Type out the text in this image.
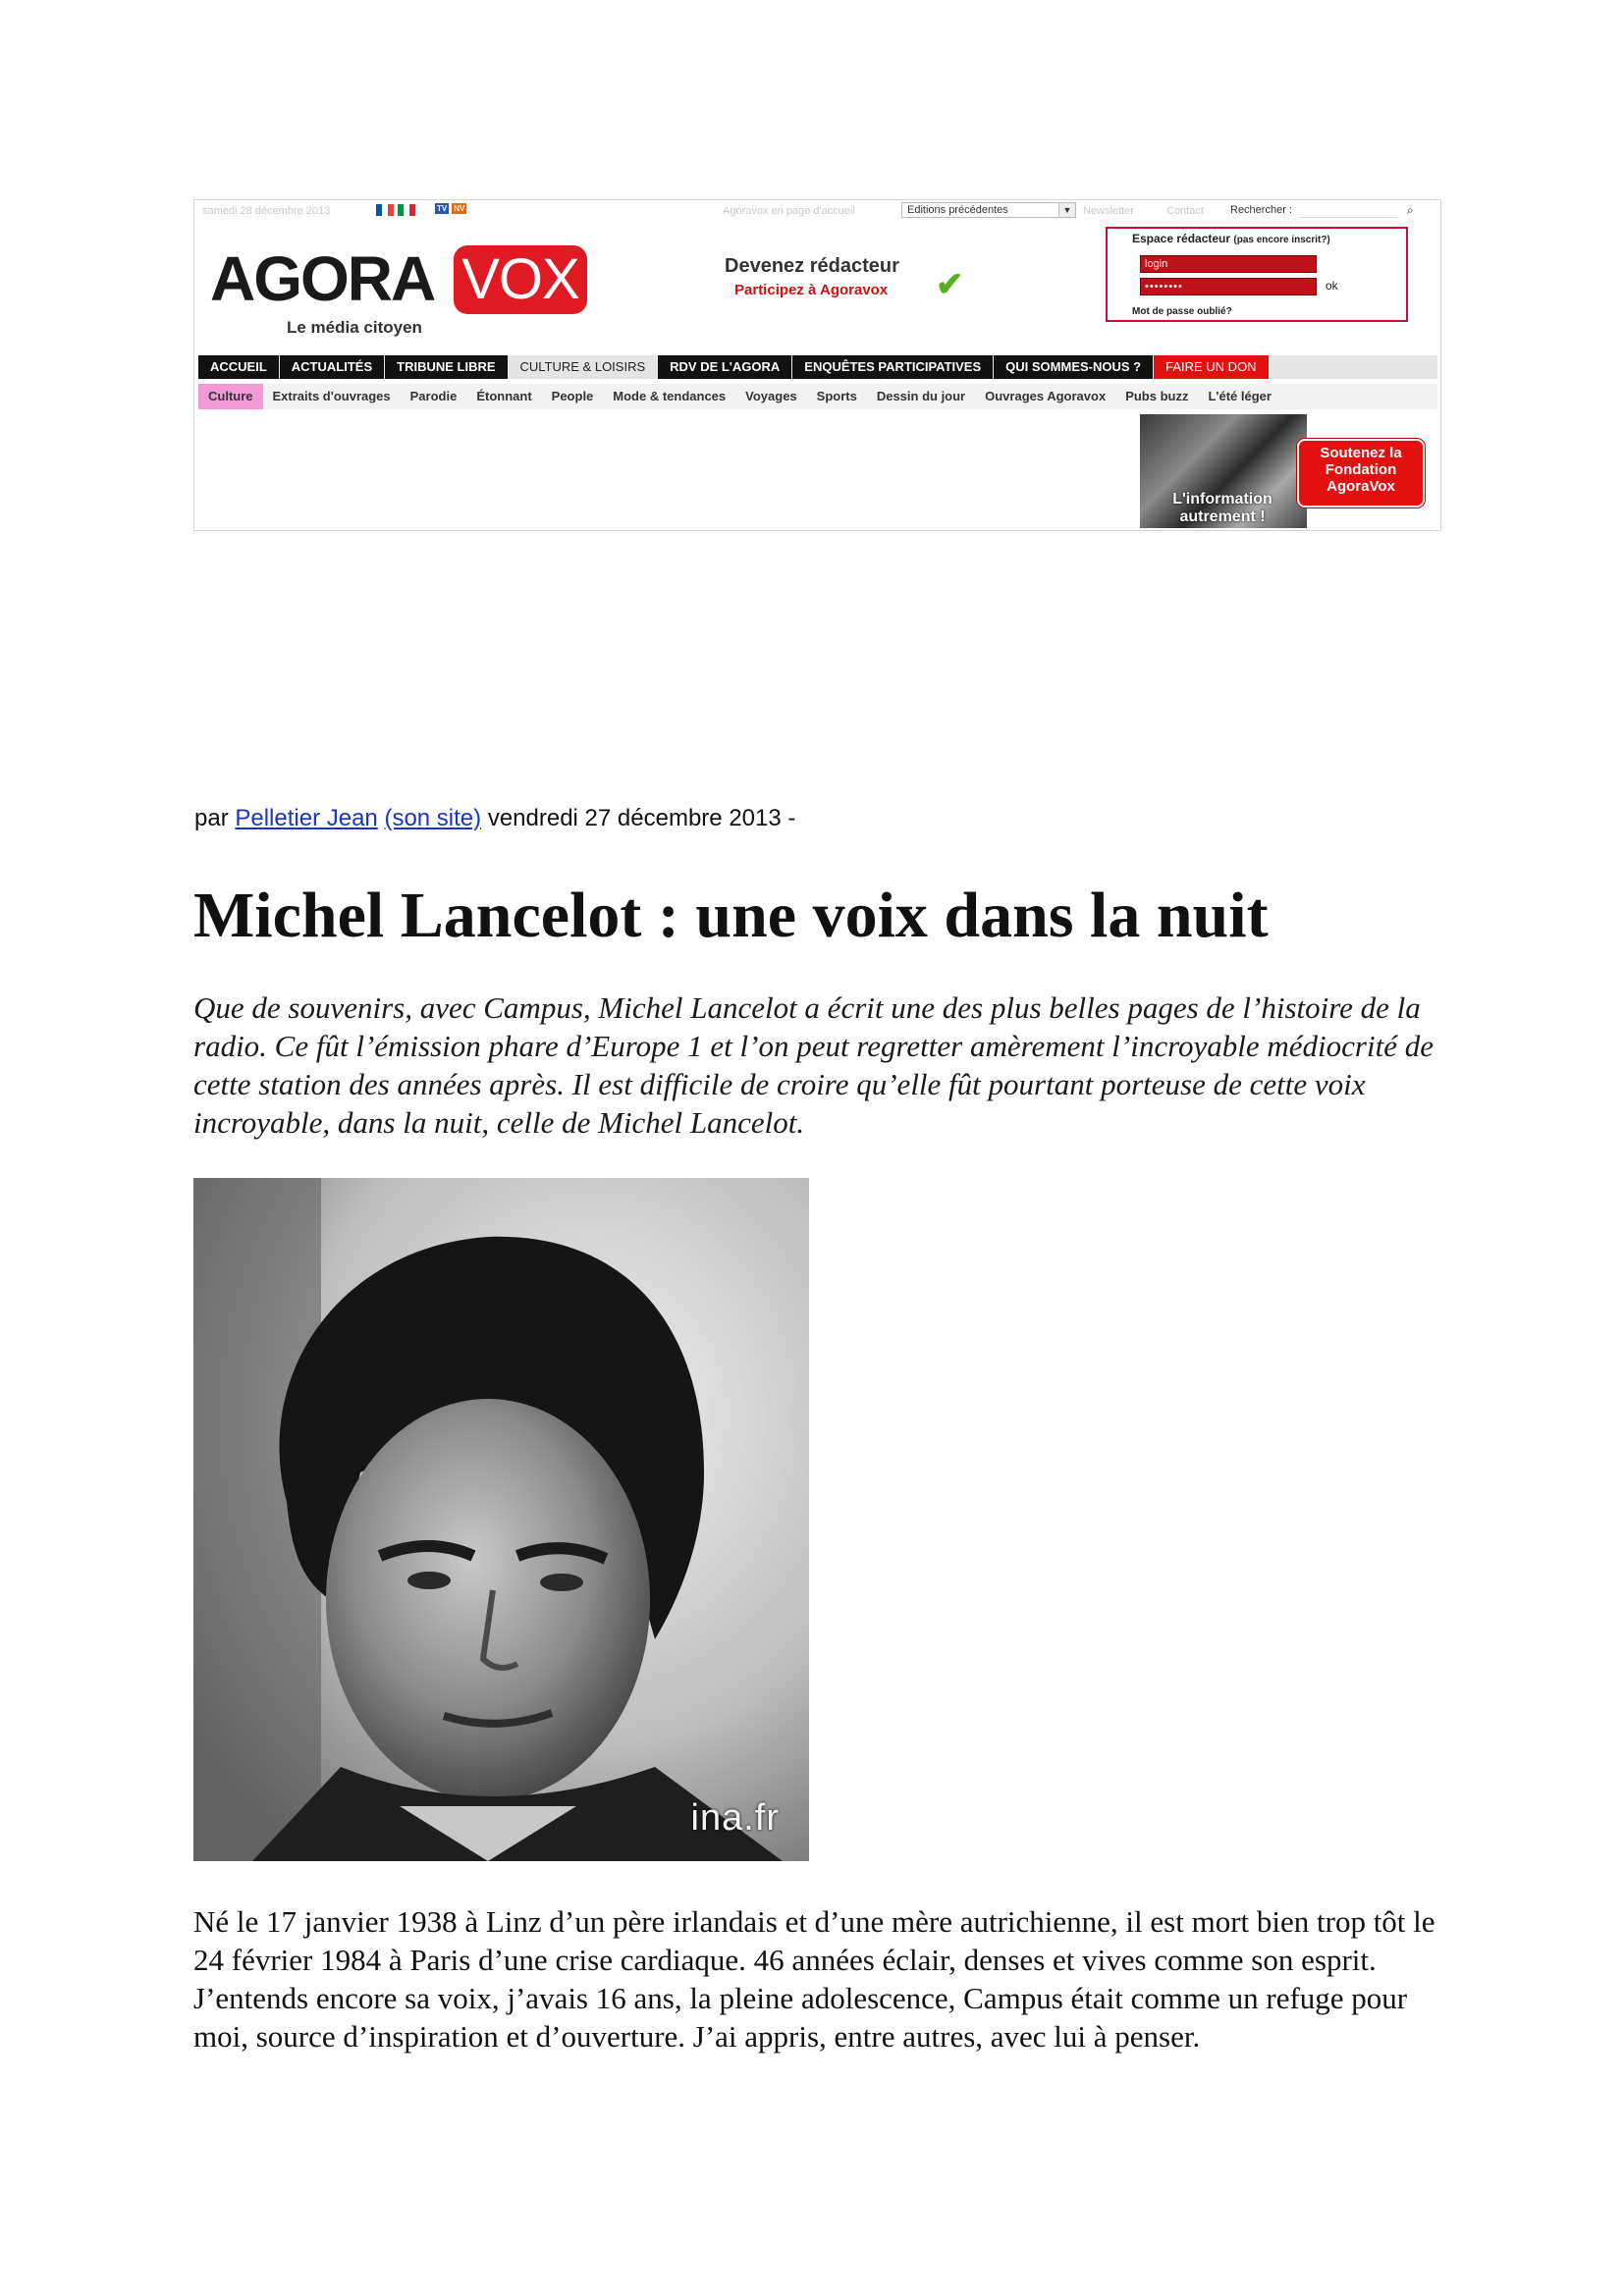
samedi 28 décembre 2013	TV NV	Agoravox en page d'accueil	Editions précédentes	▼	Newsletter	Contact Rechercher :	⌕
AGORA VOX
Le média citoyen
Devenez rédacteur
Participez à Agoravox	✔
Espace rédacteur (pas encore inscrit?)
login
••••••••	ok
Mot de passe oublié?
ACCUEIL	ACTUALITÉS	TRIBUNE LIBRE	CULTURE & LOISIRS	RDV DE L'AGORA	ENQUÊTES PARTICIPATIVES	QUI SOMMES-NOUS ?	FAIRE UN DON
Culture	Extraits d'ouvrages	Parodie	Étonnant	People	Mode & tendances	Voyages	Sports	Dessin du jour	Ouvrages Agoravox	Pubs buzz	L'été léger
L'information autrement !
Soutenez la Fondation AgoraVox
par Pelletier Jean (son site) vendredi 27 décembre 2013 -
Michel Lancelot : une voix dans la nuit

Que de souvenirs, avec Campus, Michel Lancelot a écrit une des plus belles pages de l’histoire de la radio. Ce fût l’émission phare d’Europe 1 et l’on peut regretter amèrement l’incroyable médiocrité de cette station des années après. Il est difficile de croire qu’elle fût pourtant porteuse de cette voix incroyable, dans la nuit, celle de Michel Lancelot.

ina.fr

Né le 17 janvier 1938 à Linz d’un père irlandais et d’une mère autrichienne, il est mort bien trop tôt le 24 février 1984 à Paris d’une crise cardiaque. 46 années éclair, denses et vives comme son esprit. J’entends encore sa voix, j’avais 16 ans, la pleine adolescence, Campus était comme un refuge pour moi, source d’inspiration et d’ouverture. J’ai appris, entre autres, avec lui à penser.
